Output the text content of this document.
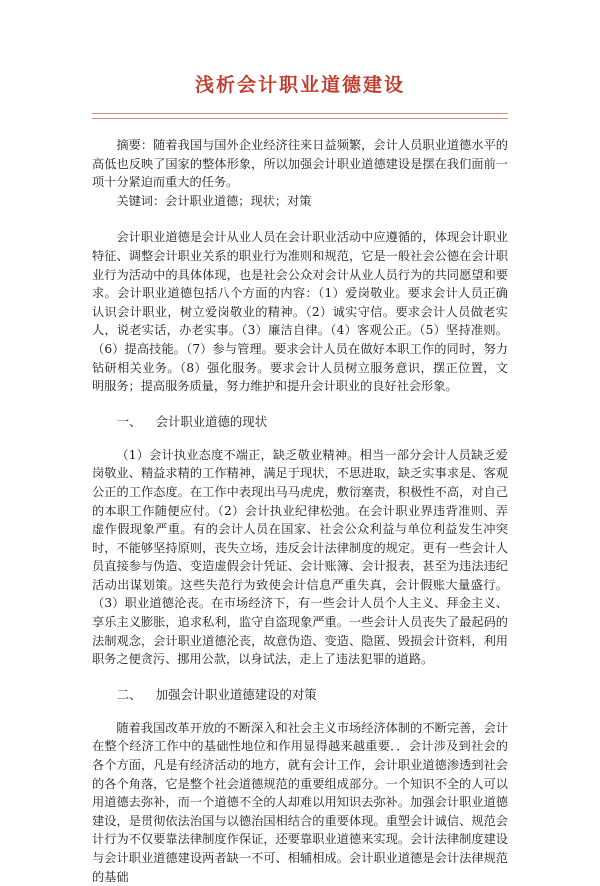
浅析会计职业道德建设

摘要：随着我国与国外企业经济往来日益频繁，会计人员职业道德水平的高低也反映了国家的整体形象，所以加强会计职业道德建设是摆在我们面前一项十分紧迫而重大的任务。

关键词：会计职业道德；现状；对策

会计职业道德是会计从业人员在会计职业活动中应遵循的，体现会计职业特征、调整会计职业关系的职业行为准则和规范，它是一般社会公德在会计职业行为活动中的具体体现，也是社会公众对会计从业人员行为的共同愿望和要求。会计职业道德包括八个方面的内容：（1）爱岗敬业。要求会计人员正确认识会计职业，树立爱岗敬业的精神。（2）诚实守信。要求会计人员做老实人，说老实话，办老实事。（3）廉洁自律。（4）客观公正。（5）坚持准则。（6）提高技能。（7）参与管理。要求会计人员在做好本职工作的同时，努力钻研相关业务。（8）强化服务。要求会计人员树立服务意识，摆正位置，文明服务；提高服务质量，努力维护和提升会计职业的良好社会形象。

一、 会计职业道德的现状

（1）会计执业态度不端正，缺乏敬业精神。相当一部分会计人员缺乏爱岗敬业、精益求精的工作精神，满足于现状，不思进取，缺乏实事求是、客观公正的工作态度。在工作中表现出马马虎虎，敷衍塞责，积极性不高，对自己的本职工作随便应付。（2）会计执业纪律松弛。在会计职业界违背准则、弄虚作假现象严重。有的会计人员在国家、社会公众利益与单位利益发生冲突时，不能够坚持原则，丧失立场，违反会计法律制度的规定。更有一些会计人员直接参与伪造、变造虚假会计凭证、会计账簿、会计报表，甚至为违法违纪活动出谋划策。这些失范行为致使会计信息严重失真，会计假账大量盛行。（3）职业道德沦丧。在市场经济下，有一些会计人员个人主义、拜金主义、享乐主义膨胀，追求私利，监守自盗现象严重。一些会计人员丧失了最起码的法制观念，会计职业道德沦丧，故意伪造、变造、隐匿、毁损会计资料，利用职务之便贪污、挪用公款，以身试法，走上了违法犯罪的道路。

二、 加强会计职业道德建设的对策

随着我国改革开放的不断深入和社会主义市场经济体制的不断完善，会计在整个经济工作中的基础性地位和作用显得越来越重要．．会计涉及到社会的各个方面，凡是有经济活动的地方，就有会计工作，会计职业道德渗透到社会的各个角落，它是整个社会道德规范的重要组成部分。一个知识不全的人可以用道德去弥补，而一个道德不全的人却难以用知识去弥补。加强会计职业道德建设，是贯彻依法治国与以德治国相结合的重要体现。重塑会计诚信、规范会计行为不仅要靠法律制度作保证，还要靠职业道德来实现。会计法律制度建设与会计职业道德建设两者缺一不可、相辅相成。会计职业道德是会计法律规范的基础
